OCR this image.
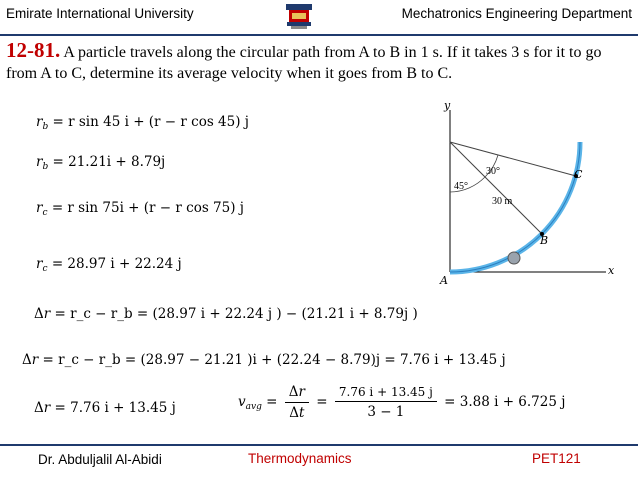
Emirate International University	Mechatronics Engineering Department
12-81. A particle travels along the circular path from A to B in 1 s. If it takes 3 s for it to go from A to C, determine its average velocity when it goes from B to C.
$r_b = r$ sin 45 i + (r − r cos 45) j
$r_b = 21.21i + 8.79j$
$r_c = r$ sin 75i + (r − r cos 75) j
$r_c = 28.97$ i + 22.24 j
Δr = r_c − r_b = (28.97 i + 22.24 j ) − (21.21 i + 8.79j )
Δr = r_c − r_b = (28.97 − 21.21 )i + (22.24 − 8.79)j = 7.76 i + 13.45 j
Δr = 7.76 i + 13.45 j	$v_{avg} = \frac{\Delta r}{\Delta t} = \frac{7.76 i + 13.45 j}{3 - 1} = 3.88$ i + 6.725 j
y
x
30°
45°
30 m
B
C
A
Dr. Abduljalil Al-Abidi	Thermodynamics	PET121
